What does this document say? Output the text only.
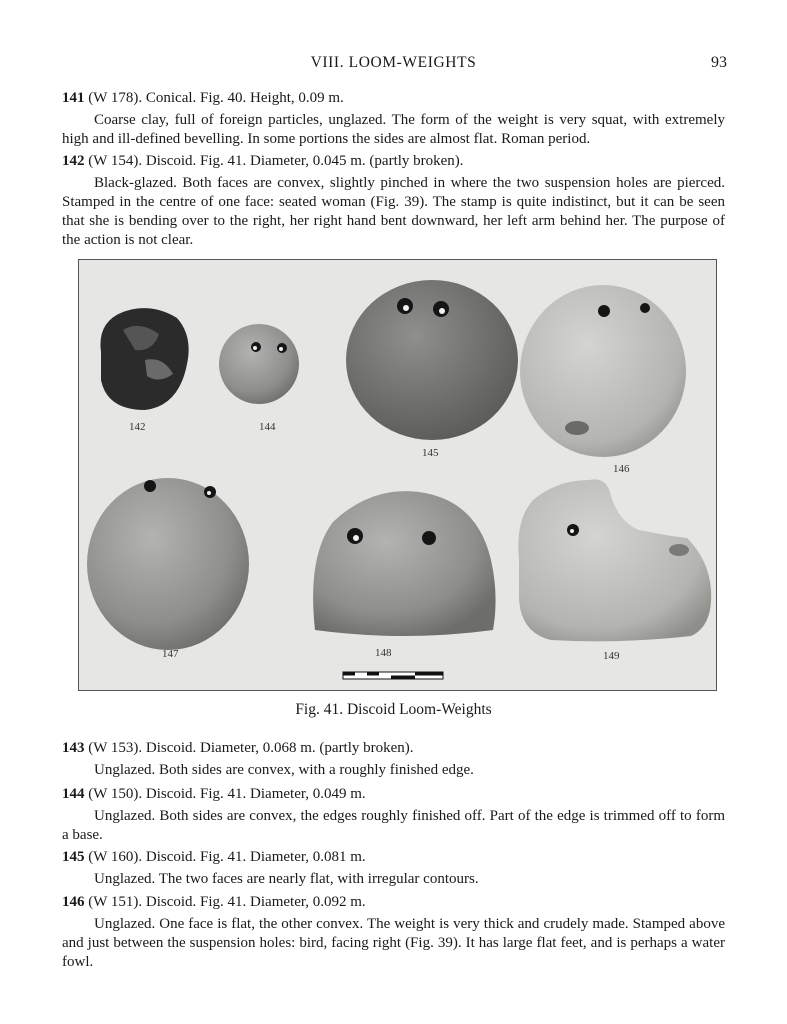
VIII. LOOM-WEIGHTS	93
141 (W 178). Conical. Fig. 40. Height, 0.09 m.
Coarse clay, full of foreign particles, unglazed. The form of the weight is very squat, with extremely high and ill-defined bevelling. In some portions the sides are almost flat. Roman period.
142 (W 154). Discoid. Fig. 41. Diameter, 0.045 m. (partly broken).
Black-glazed. Both faces are convex, slightly pinched in where the two suspension holes are pierced. Stamped in the centre of one face: seated woman (Fig. 39). The stamp is quite indistinct, but it can be seen that she is bending over to the right, her right hand bent downward, her left arm behind her. The purpose of the action is not clear.
142	144
145
146
147	148	149
Fig. 41. Discoid Loom-Weights
143 (W 153). Discoid. Diameter, 0.068 m. (partly broken).
Unglazed. Both sides are convex, with a roughly finished edge.
144 (W 150). Discoid. Fig. 41. Diameter, 0.049 m.
Unglazed. Both sides are convex, the edges roughly finished off. Part of the edge is trimmed off to form a base.
145 (W 160). Discoid. Fig. 41. Diameter, 0.081 m.
Unglazed. The two faces are nearly flat, with irregular contours.
146 (W 151). Discoid. Fig. 41. Diameter, 0.092 m.
Unglazed. One face is flat, the other convex. The weight is very thick and crudely made. Stamped above and just between the suspension holes: bird, facing right (Fig. 39). It has large flat feet, and is perhaps a water fowl.
